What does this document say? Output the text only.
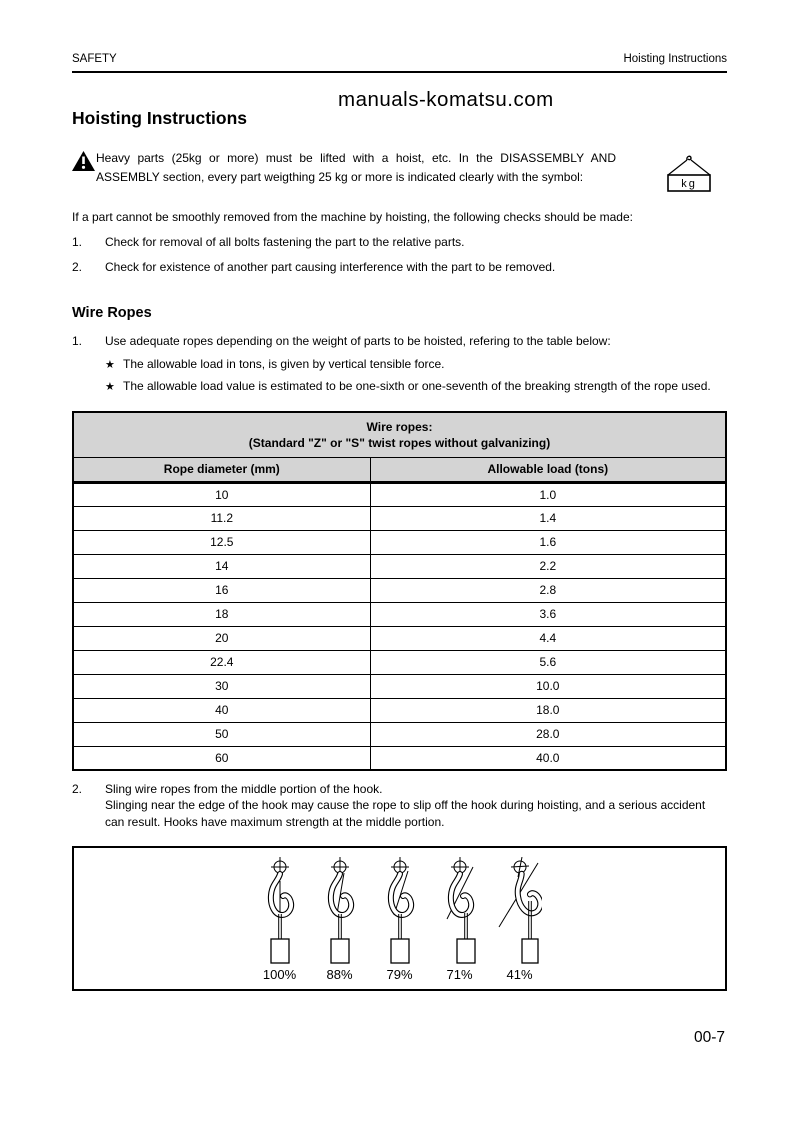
SAFETY	Hoisting Instructions
manuals-komatsu.com
Hoisting Instructions
Heavy parts (25kg or more) must be lifted with a hoist, etc. In the DISASSEMBLY AND ASSEMBLY section, every part weigthing 25 kg or more is indicated clearly with the symbol:
kg
If a part cannot be smoothly removed from the machine by hoisting, the following checks should be made:
1.	Check for removal of all bolts fastening the part to the relative parts.
2.	Check for existence of another part causing interference with the part to be removed.
Wire Ropes
1.	Use adequate ropes depending on the weight of parts to be hoisted, refering to the table below:
★ The allowable load in tons, is given by vertical tensible force.
★ The allowable load value is estimated to be one-sixth or one-seventh of the breaking strength of the rope used.
Wire ropes:
(Standard "Z" or "S" twist ropes without galvanizing)	

Rope diameter (mm)	Allowable load (tons)
10	1.0
11.2	1.4
12.5	1.6
14	2.2
16	2.8
18	3.6
20	4.4
22.4	5.6
30	10.0
40	18.0
50	28.0
60	40.0
2.	Sling wire ropes from the middle portion of the hook.
Slinging near the edge of the hook may cause the rope to slip off the hook during hoisting, and a serious accident can result. Hooks have maximum strength at the middle portion.
100% 88%	79%	71%	41%
00-7
